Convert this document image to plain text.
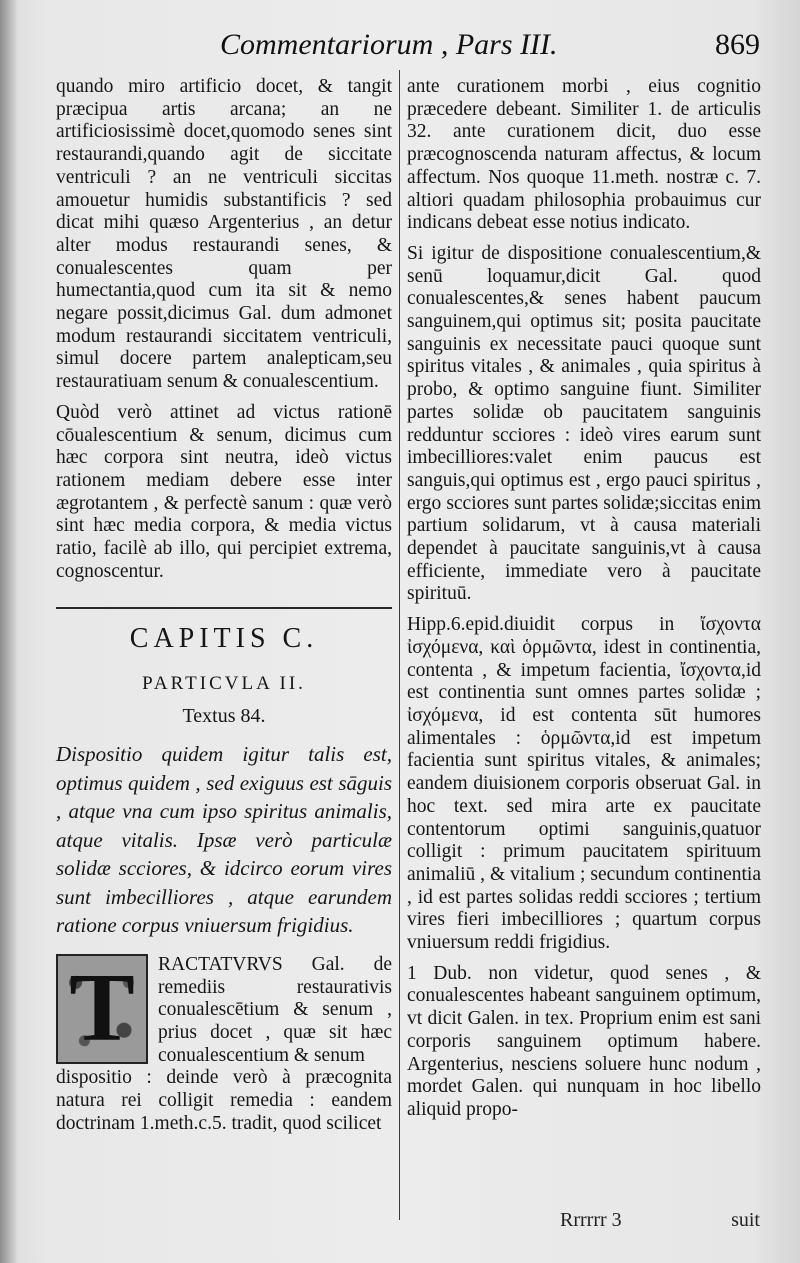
Commentariorum , Pars III.	869

quando miro artificio docet, & tangit præcipua artis arcana; an ne artificiosissimè docet,quomodo senes sint restaurandi,quando agit de siccitate ventriculi ? an ne ventriculi siccitas amouetur humidis substantificis ? sed dicat mihi quæso Argenterius , an detur alter modus restaurandi senes, & conualescentes quam per humectantia,quod cum ita sit & nemo negare possit,dicimus Gal. dum admonet modum restaurandi siccitatem ventriculi, simul docere partem analepticam,seu restauratiuam senum & conualescentium.

Quòd verò attinet ad victus rationē cōualescentium & senum, dicimus cum hæc corpora sint neutra, ideò victus rationem mediam debere esse inter ægrotantem , & perfectè sanum : quæ verò sint hæc media corpora, & media victus ratio, facilè ab illo, qui percipiet extrema, cognoscentur.

CAPITIS C.
PARTICVLA II.
Textus 84.

Dispositio quidem igitur talis est, optimus quidem , sed exiguus est sāguis , atque vna cum ipso spiritus animalis, atque vitalis. Ipsæ verò particulæ solidæ scciores, & idcirco eorum vires sunt imbecilliores , atque earundem ratione corpus vniuersum frigidius.

T	RACTATVRVS Gal. de remediis restaurativis conualescētium & senum , prius docet , quæ sit hæc conualescentium & senum

dispositio : deinde verò à præcognita natura rei colligit remedia : eandem doctrinam 1.meth.c.5. tradit, quod scilicet

ante curationem morbi , eius cognitio præcedere debeant. Similiter 1. de articulis 32. ante curationem dicit, duo esse præcognoscenda naturam affectus, & locum affectum. Nos quoque 11.meth. nostræ c. 7. altiori quadam philosophia probauimus cur indicans debeat esse notius indicato.

Si igitur de dispositione conualescentium,& senū loquamur,dicit Gal. quod conualescentes,& senes habent paucum sanguinem,qui optimus sit; posita paucitate sanguinis ex necessitate pauci quoque sunt spiritus vitales , & animales , quia spiritus à probo, & optimo sanguine fiunt. Similiter partes solidæ ob paucitatem sanguinis redduntur scciores : ideò vires earum sunt imbecilliores:valet enim paucus est sanguis,qui optimus est , ergo pauci spiritus , ergo scciores sunt partes solidæ;siccitas enim partium solidarum, vt à causa materiali dependet à paucitate sanguinis,vt à causa efficiente, immediate vero à paucitate spirituū.

Hipp.6.epid.diuidit corpus in ἴσχοντα ἰσχόμενα, καὶ ὁρμῶντα, idest in continentia, contenta , & impetum facientia, ἴσχοντα,id est continentia sunt omnes partes solidæ ; ἰσχόμενα, id est contenta sūt humores alimentales : ὁρμῶντα,id est impetum facientia sunt spiritus vitales, & animales; eandem diuisionem corporis obseruat Gal. in hoc text. sed mira arte ex paucitate contentorum optimi sanguinis,quatuor colligit : primum paucitatem spirituum animaliū , & vitalium ; secundum continentia , id est partes solidas reddi scciores ; tertium vires fieri imbecilliores ; quartum corpus vniuersum reddi frigidius.

1 Dub. non videtur, quod senes , & conualescentes habeant sanguinem optimum, vt dicit Galen. in tex. Proprium enim est sani corporis sanguinem optimum habere. Argenterius, nesciens soluere hunc nodum , mordet Galen. qui nunquam in hoc libello aliquid propo-

Rrrrrr 3	suit
